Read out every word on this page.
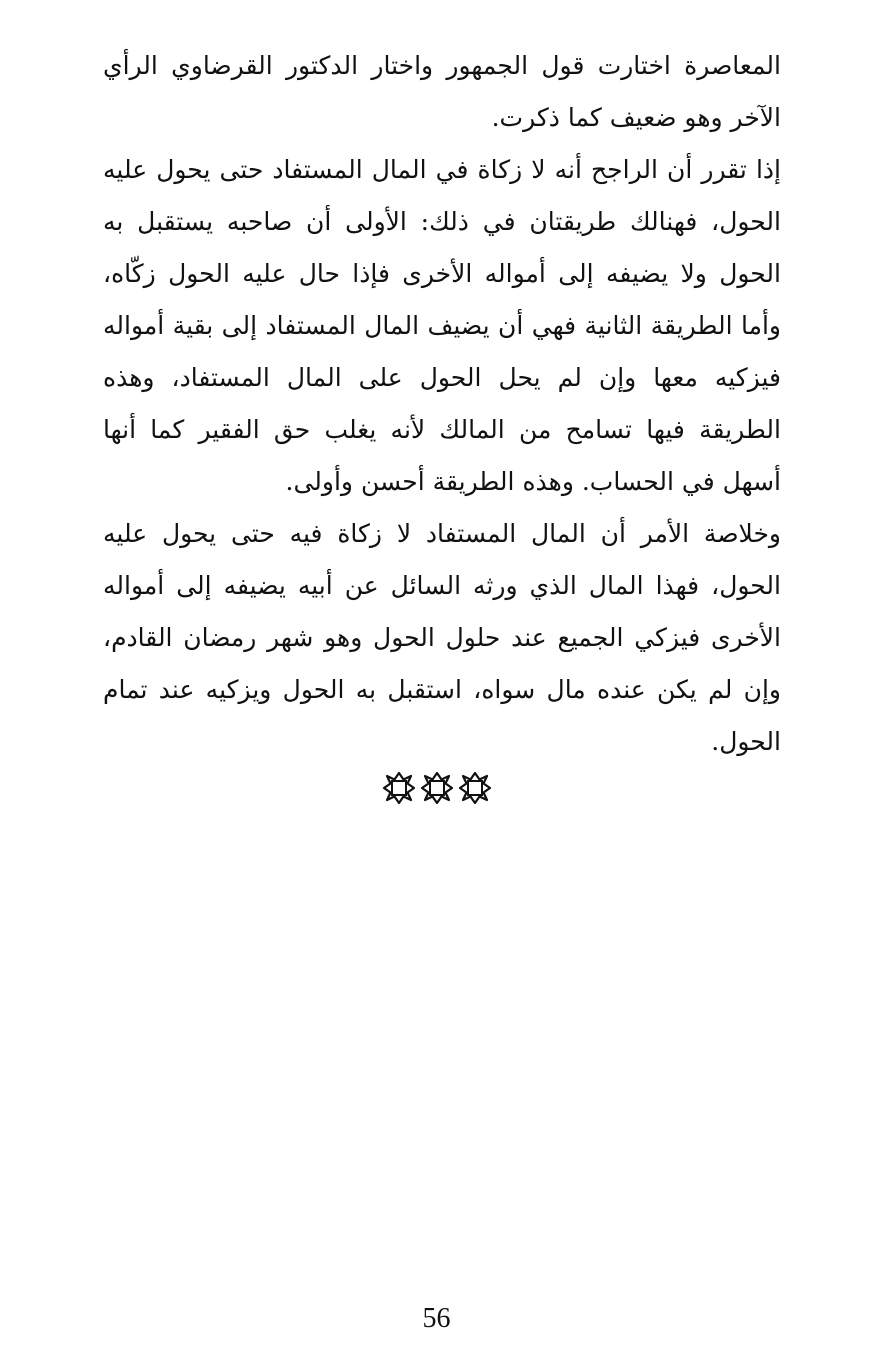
المعاصرة اختارت قول الجمهور واختار الدكتور القرضاوي الرأي الآخر وهو ضعيف كما ذكرت.

إذا تقرر أن الراجح أنه لا زكاة في المال المستفاد حتى يحول عليه الحول، فهنالك طريقتان في ذلك: الأولى أن صاحبه يستقبل به الحول ولا يضيفه إلى أمواله الأخرى فإذا حال عليه الحول زكّاه، وأما الطريقة الثانية فهي أن يضيف المال المستفاد إلى بقية أمواله فيزكيه معها وإن لم يحل الحول على المال المستفاد، وهذه الطريقة فيها تسامح من المالك لأنه يغلب حق الفقير كما أنها أسهل في الحساب. وهذه الطريقة أحسن وأولى.

وخلاصة الأمر أن المال المستفاد لا زكاة فيه حتى يحول عليه الحول، فهذا المال الذي ورثه السائل عن أبيه يضيفه إلى أمواله الأخرى فيزكي الجميع عند حلول الحول وهو شهر رمضان القادم، وإن لم يكن عنده مال سواه، استقبل به الحول ويزكيه عند تمام الحول.

56
